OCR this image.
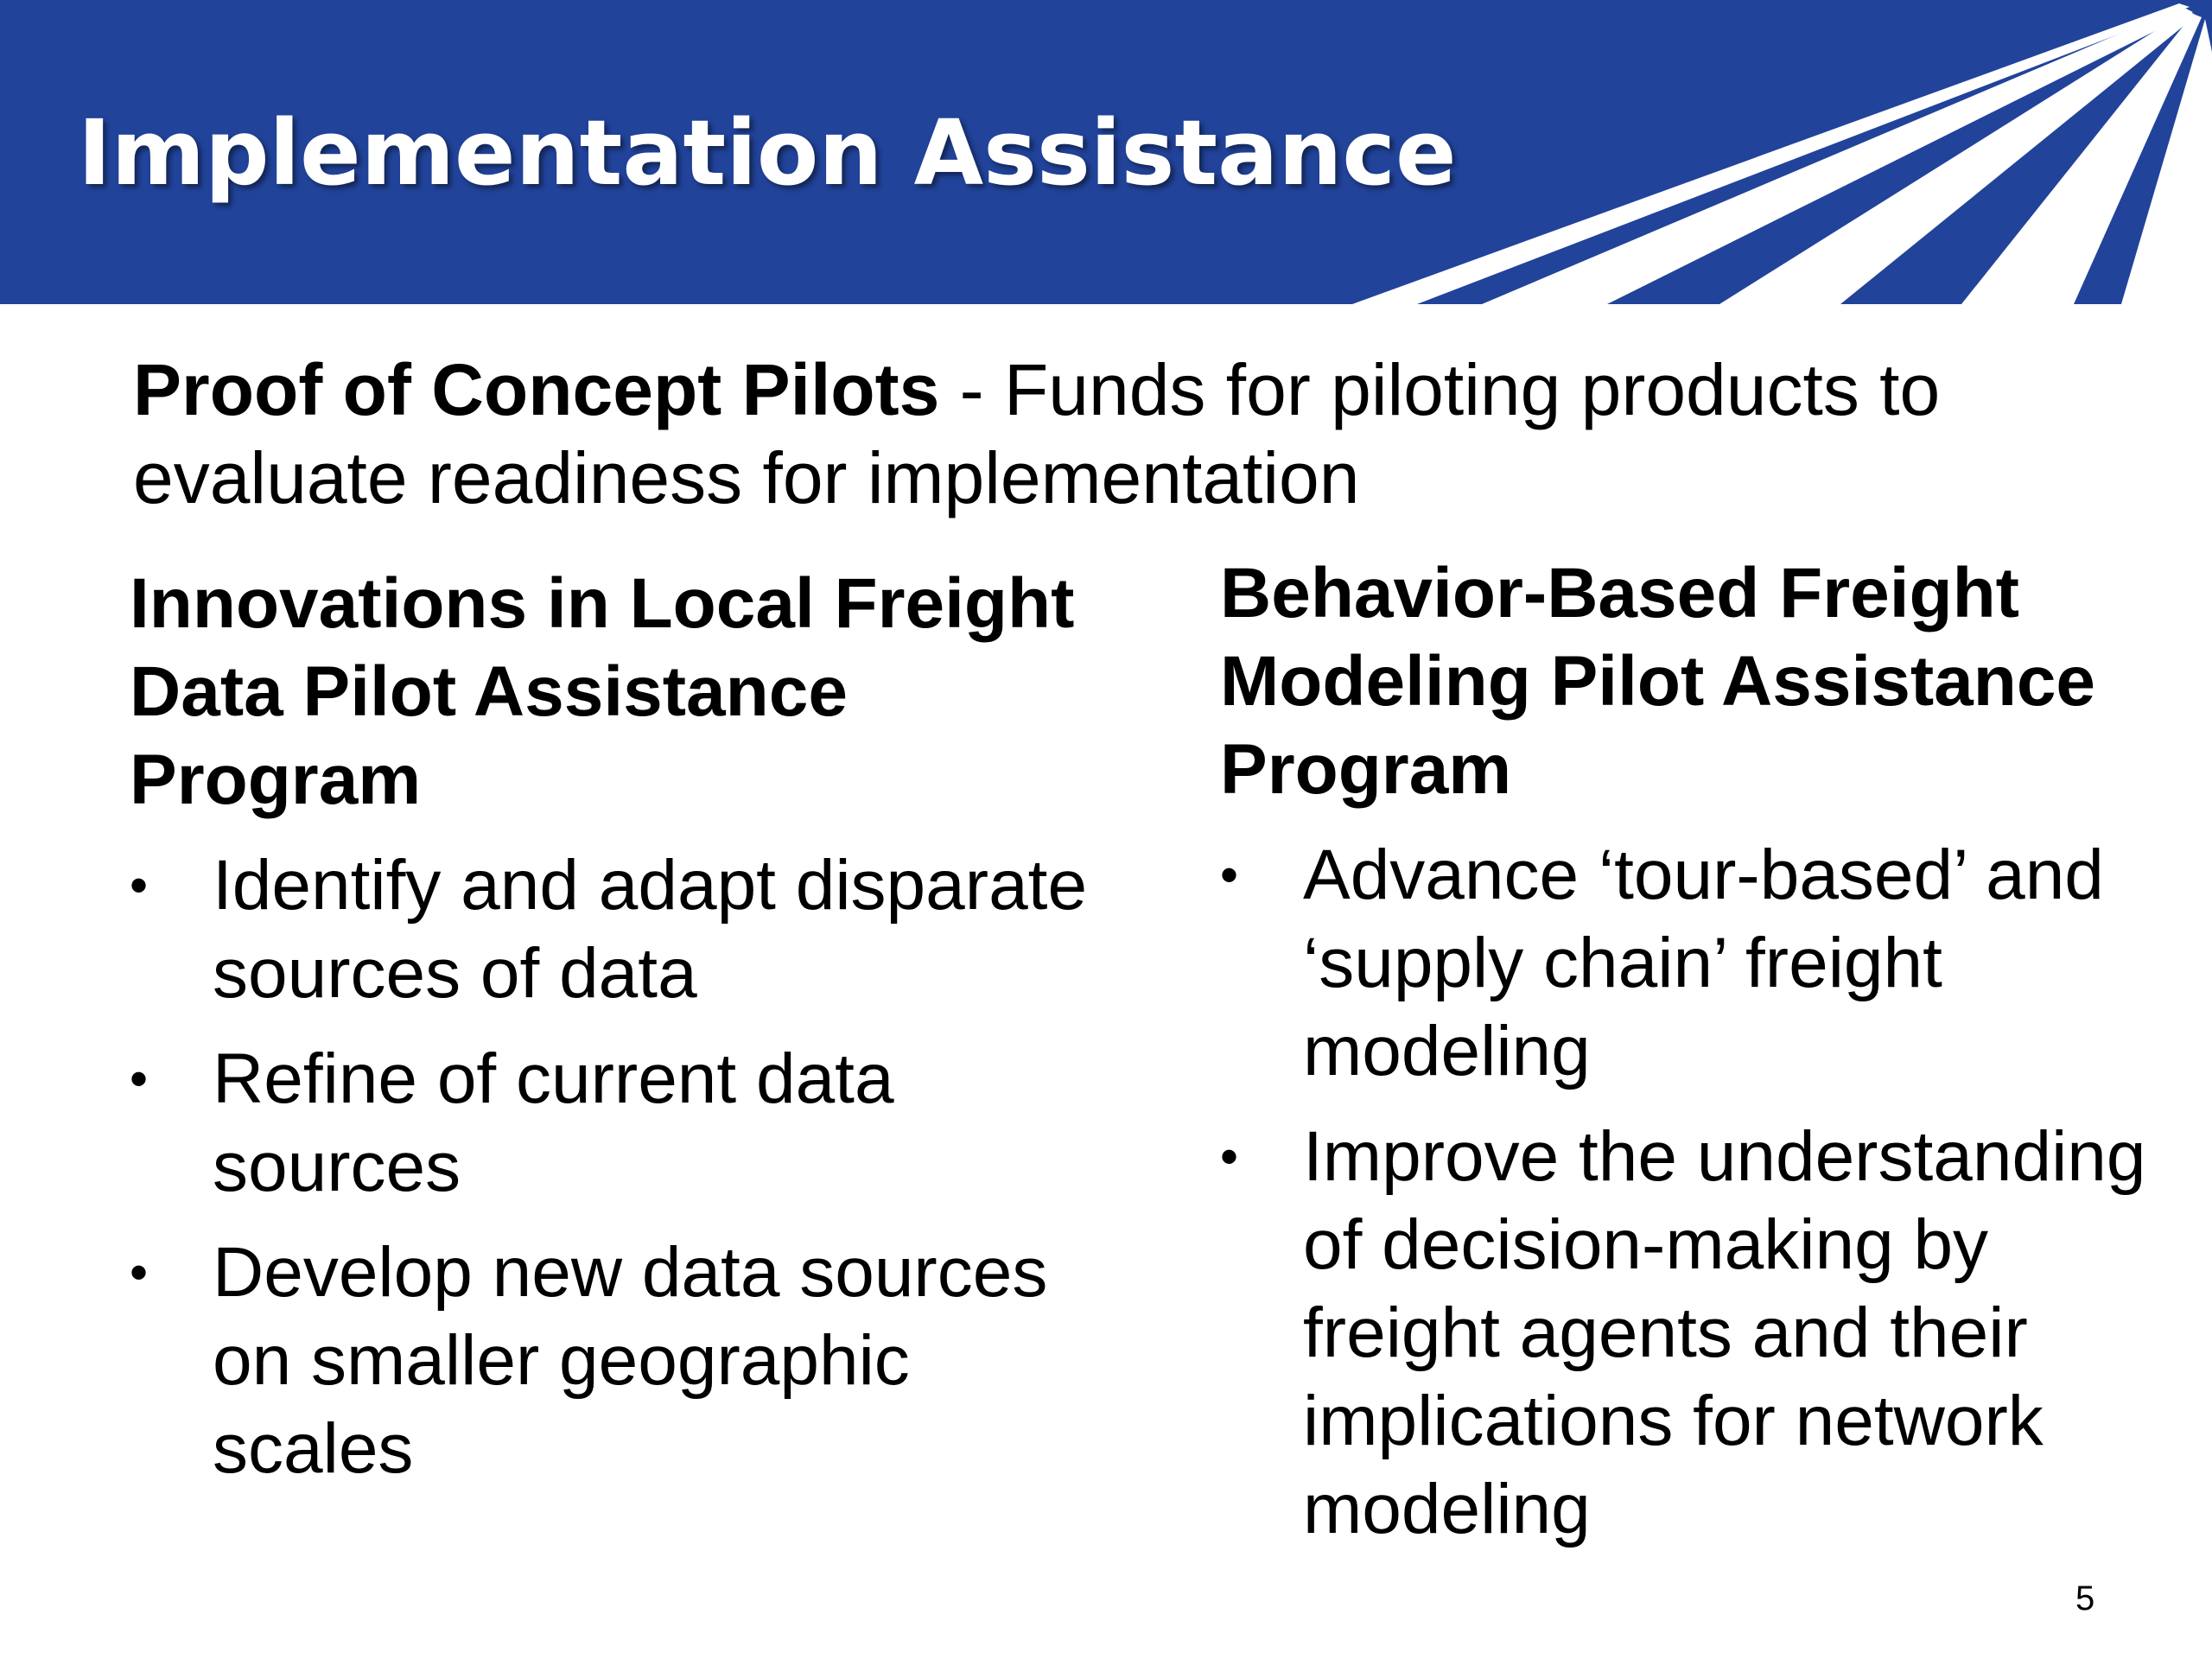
Implementation Assistance

Proof of Concept Pilots - Funds for piloting products to evaluate readiness for implementation

Innovations in Local Freight Data Pilot Assistance Program
• Identify and adapt disparate sources of data
• Refine of current data sources
• Develop new data sources on smaller geographic scales
Behavior-Based Freight Modeling Pilot Assistance Program
• Advance ‘tour-based’ and ‘supply chain’ freight modeling
• Improve the understanding of decision-making by freight agents and their implications for network modeling
5
